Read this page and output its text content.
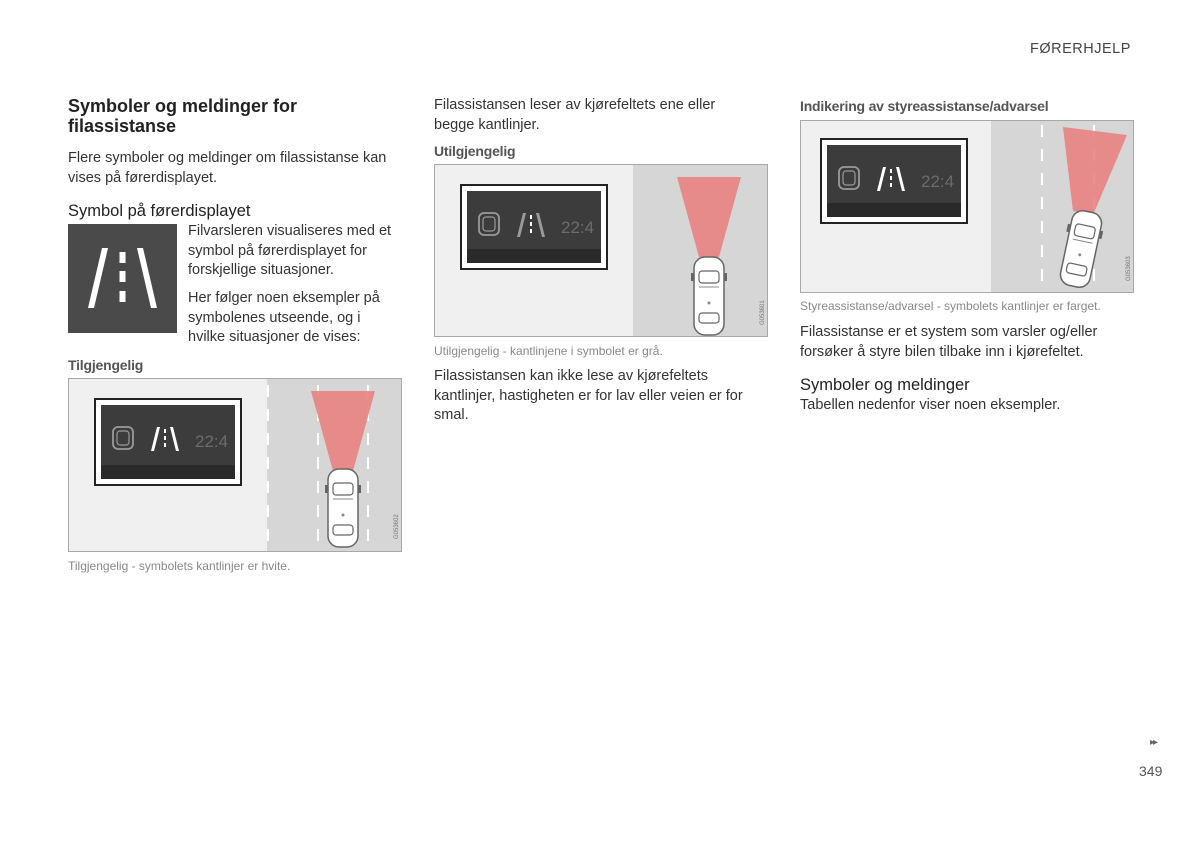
FØRERHJELP
Symboler og meldinger for filassistanse
Flere symboler og meldinger om filassistanse kan vises på førerdisplayet.
Symbol på førerdisplayet
Filvarsleren visualiseres med et symbol på førerdisplayet for forskjellige situasjoner.
Her følger noen eksempler på symbolenes utseende, og i hvilke situasjoner de vises:
Tilgjengelig
22:4
G053602
Tilgjengelig - symbolets kantlinjer er hvite.
Filassistansen leser av kjørefeltets ene eller begge kantlinjer.
Utilgjengelig
22:4
G053601
Utilgjengelig - kantlinjene i symbolet er grå.
Filassistansen kan ikke lese av kjørefeltets kantlinjer, hastigheten er for lav eller veien er for smal.
Indikering av styreassistanse/advarsel
22:4
G053603
Styreassistanse/advarsel - symbolets kantlinjer er farget.
Filassistanse er et system som varsler og/eller forsøker å styre bilen tilbake inn i kjørefeltet.
Symboler og meldinger
Tabellen nedenfor viser noen eksempler.
▸▸
349
